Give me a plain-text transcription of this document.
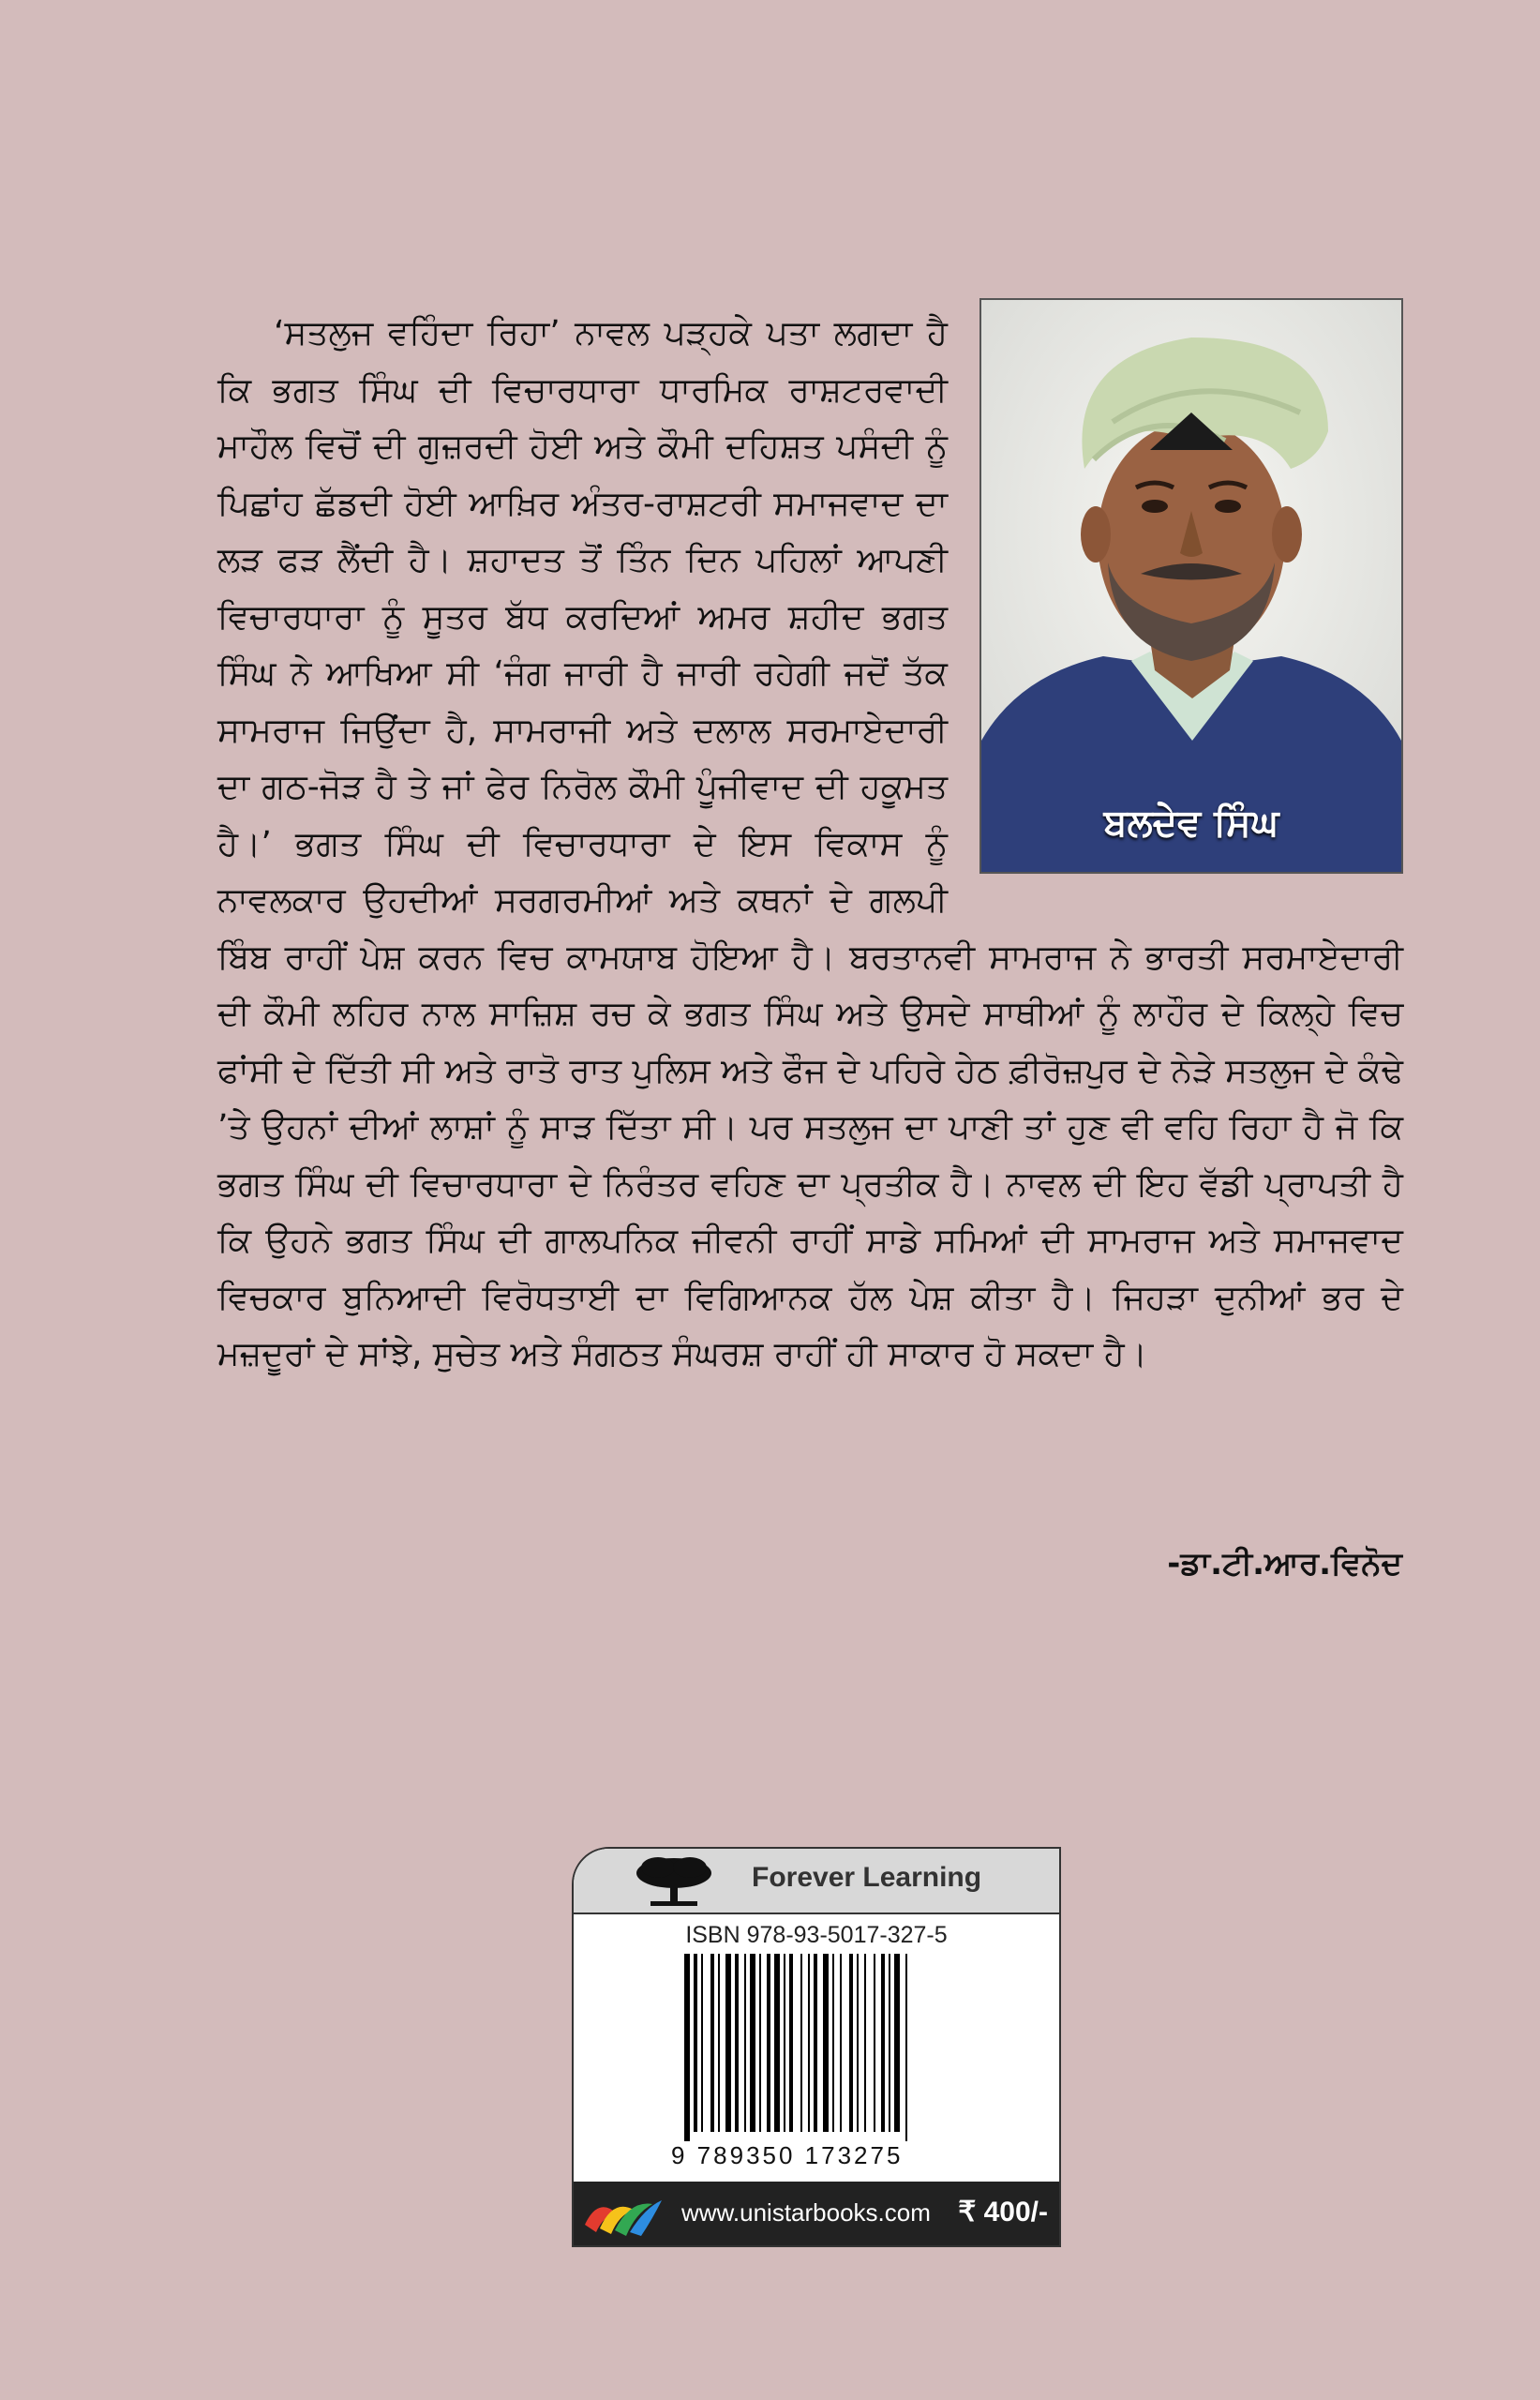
ਬਲਦੇਵ ਸਿੰਘ

‘ਸਤਲੁਜ ਵਹਿੰਦਾ ਰਿਹਾ’ ਨਾਵਲ ਪੜ੍ਹਕੇ ਪਤਾ ਲਗਦਾ ਹੈ ਕਿ ਭਗਤ ਸਿੰਘ ਦੀ ਵਿਚਾਰਧਾਰਾ ਧਾਰਮਿਕ ਰਾਸ਼ਟਰਵਾਦੀ ਮਾਹੌਲ ਵਿਚੋਂ ਦੀ ਗੁਜ਼ਰਦੀ ਹੋਈ ਅਤੇ ਕੌਮੀ ਦਹਿਸ਼ਤ ਪਸੰਦੀ ਨੂੰ ਪਿਛਾਂਹ ਛੱਡਦੀ ਹੋਈ ਆਖ਼ਿਰ ਅੰਤਰ-ਰਾਸ਼ਟਰੀ ਸਮਾਜਵਾਦ ਦਾ ਲੜ ਫੜ ਲੈਂਦੀ ਹੈ। ਸ਼ਹਾਦਤ ਤੋਂ ਤਿੰਨ ਦਿਨ ਪਹਿਲਾਂ ਆਪਣੀ ਵਿਚਾਰਧਾਰਾ ਨੂੰ ਸੂਤਰ ਬੱਧ ਕਰਦਿਆਂ ਅਮਰ ਸ਼ਹੀਦ ਭਗਤ ਸਿੰਘ ਨੇ ਆਖਿਆ ਸੀ ‘ਜੰਗ ਜਾਰੀ ਹੈ ਜਾਰੀ ਰਹੇਗੀ ਜਦੋਂ ਤੱਕ ਸਾਮਰਾਜ ਜਿਉਂਦਾ ਹੈ, ਸਾਮਰਾਜੀ ਅਤੇ ਦਲਾਲ ਸਰਮਾਏਦਾਰੀ ਦਾ ਗਠ-ਜੋੜ ਹੈ ਤੇ ਜਾਂ ਫੇਰ ਨਿਰੋਲ ਕੌਮੀ ਪੂੰਜੀਵਾਦ ਦੀ ਹਕੂਮਤ ਹੈ।’ ਭਗਤ ਸਿੰਘ ਦੀ ਵਿਚਾਰਧਾਰਾ ਦੇ ਇਸ ਵਿਕਾਸ ਨੂੰ ਨਾਵਲਕਾਰ ਉਹਦੀਆਂ ਸਰਗਰਮੀਆਂ ਅਤੇ ਕਥਨਾਂ ਦੇ ਗਲਪੀ ਬਿੰਬ ਰਾਹੀਂ ਪੇਸ਼ ਕਰਨ ਵਿਚ ਕਾਮਯਾਬ ਹੋਇਆ ਹੈ। ਬਰਤਾਨਵੀ ਸਾਮਰਾਜ ਨੇ ਭਾਰਤੀ ਸਰਮਾਏਦਾਰੀ ਦੀ ਕੌਮੀ ਲਹਿਰ ਨਾਲ ਸਾਜ਼ਿਸ਼ ਰਚ ਕੇ ਭਗਤ ਸਿੰਘ ਅਤੇ ਉਸਦੇ ਸਾਥੀਆਂ ਨੂੰ ਲਾਹੌਰ ਦੇ ਕਿਲ੍ਹੇ ਵਿਚ ਫਾਂਸੀ ਦੇ ਦਿੱਤੀ ਸੀ ਅਤੇ ਰਾਤੋ ਰਾਤ ਪੁਲਿਸ ਅਤੇ ਫੌਜ ਦੇ ਪਹਿਰੇ ਹੇਠ ਫ਼ੀਰੋਜ਼ਪੁਰ ਦੇ ਨੇੜੇ ਸਤਲੁਜ ਦੇ ਕੰਢੇ ’ਤੇ ਉਹਨਾਂ ਦੀਆਂ ਲਾਸ਼ਾਂ ਨੂੰ ਸਾੜ ਦਿੱਤਾ ਸੀ। ਪਰ ਸਤਲੁਜ ਦਾ ਪਾਣੀ ਤਾਂ ਹੁਣ ਵੀ ਵਹਿ ਰਿਹਾ ਹੈ ਜੋ ਕਿ ਭਗਤ ਸਿੰਘ ਦੀ ਵਿਚਾਰਧਾਰਾ ਦੇ ਨਿਰੰਤਰ ਵਹਿਣ ਦਾ ਪ੍ਰਤੀਕ ਹੈ। ਨਾਵਲ ਦੀ ਇਹ ਵੱਡੀ ਪ੍ਰਾਪਤੀ ਹੈ ਕਿ ਉਹਨੇ ਭਗਤ ਸਿੰਘ ਦੀ ਗਾਲਪਨਿਕ ਜੀਵਨੀ ਰਾਹੀਂ ਸਾਡੇ ਸਮਿਆਂ ਦੀ ਸਾਮਰਾਜ ਅਤੇ ਸਮਾਜਵਾਦ ਵਿਚਕਾਰ ਬੁਨਿਆਦੀ ਵਿਰੋਧਤਾਈ ਦਾ ਵਿਗਿਆਨਕ ਹੱਲ ਪੇਸ਼ ਕੀਤਾ ਹੈ। ਜਿਹੜਾ ਦੁਨੀਆਂ ਭਰ ਦੇ ਮਜ਼ਦੂਰਾਂ ਦੇ ਸਾਂਝੇ, ਸੁਚੇਤ ਅਤੇ ਸੰਗਠਤ ਸੰਘਰਸ਼ ਰਾਹੀਂ ਹੀ ਸਾਕਾਰ ਹੋ ਸਕਦਾ ਹੈ।

-ਡਾ.ਟੀ.ਆਰ.ਵਿਨੋਦ
Forever Learning
ISBN 978-93-5017-327-5
9 789350 173275
www.unistarbooks.com ₹ 400/-
